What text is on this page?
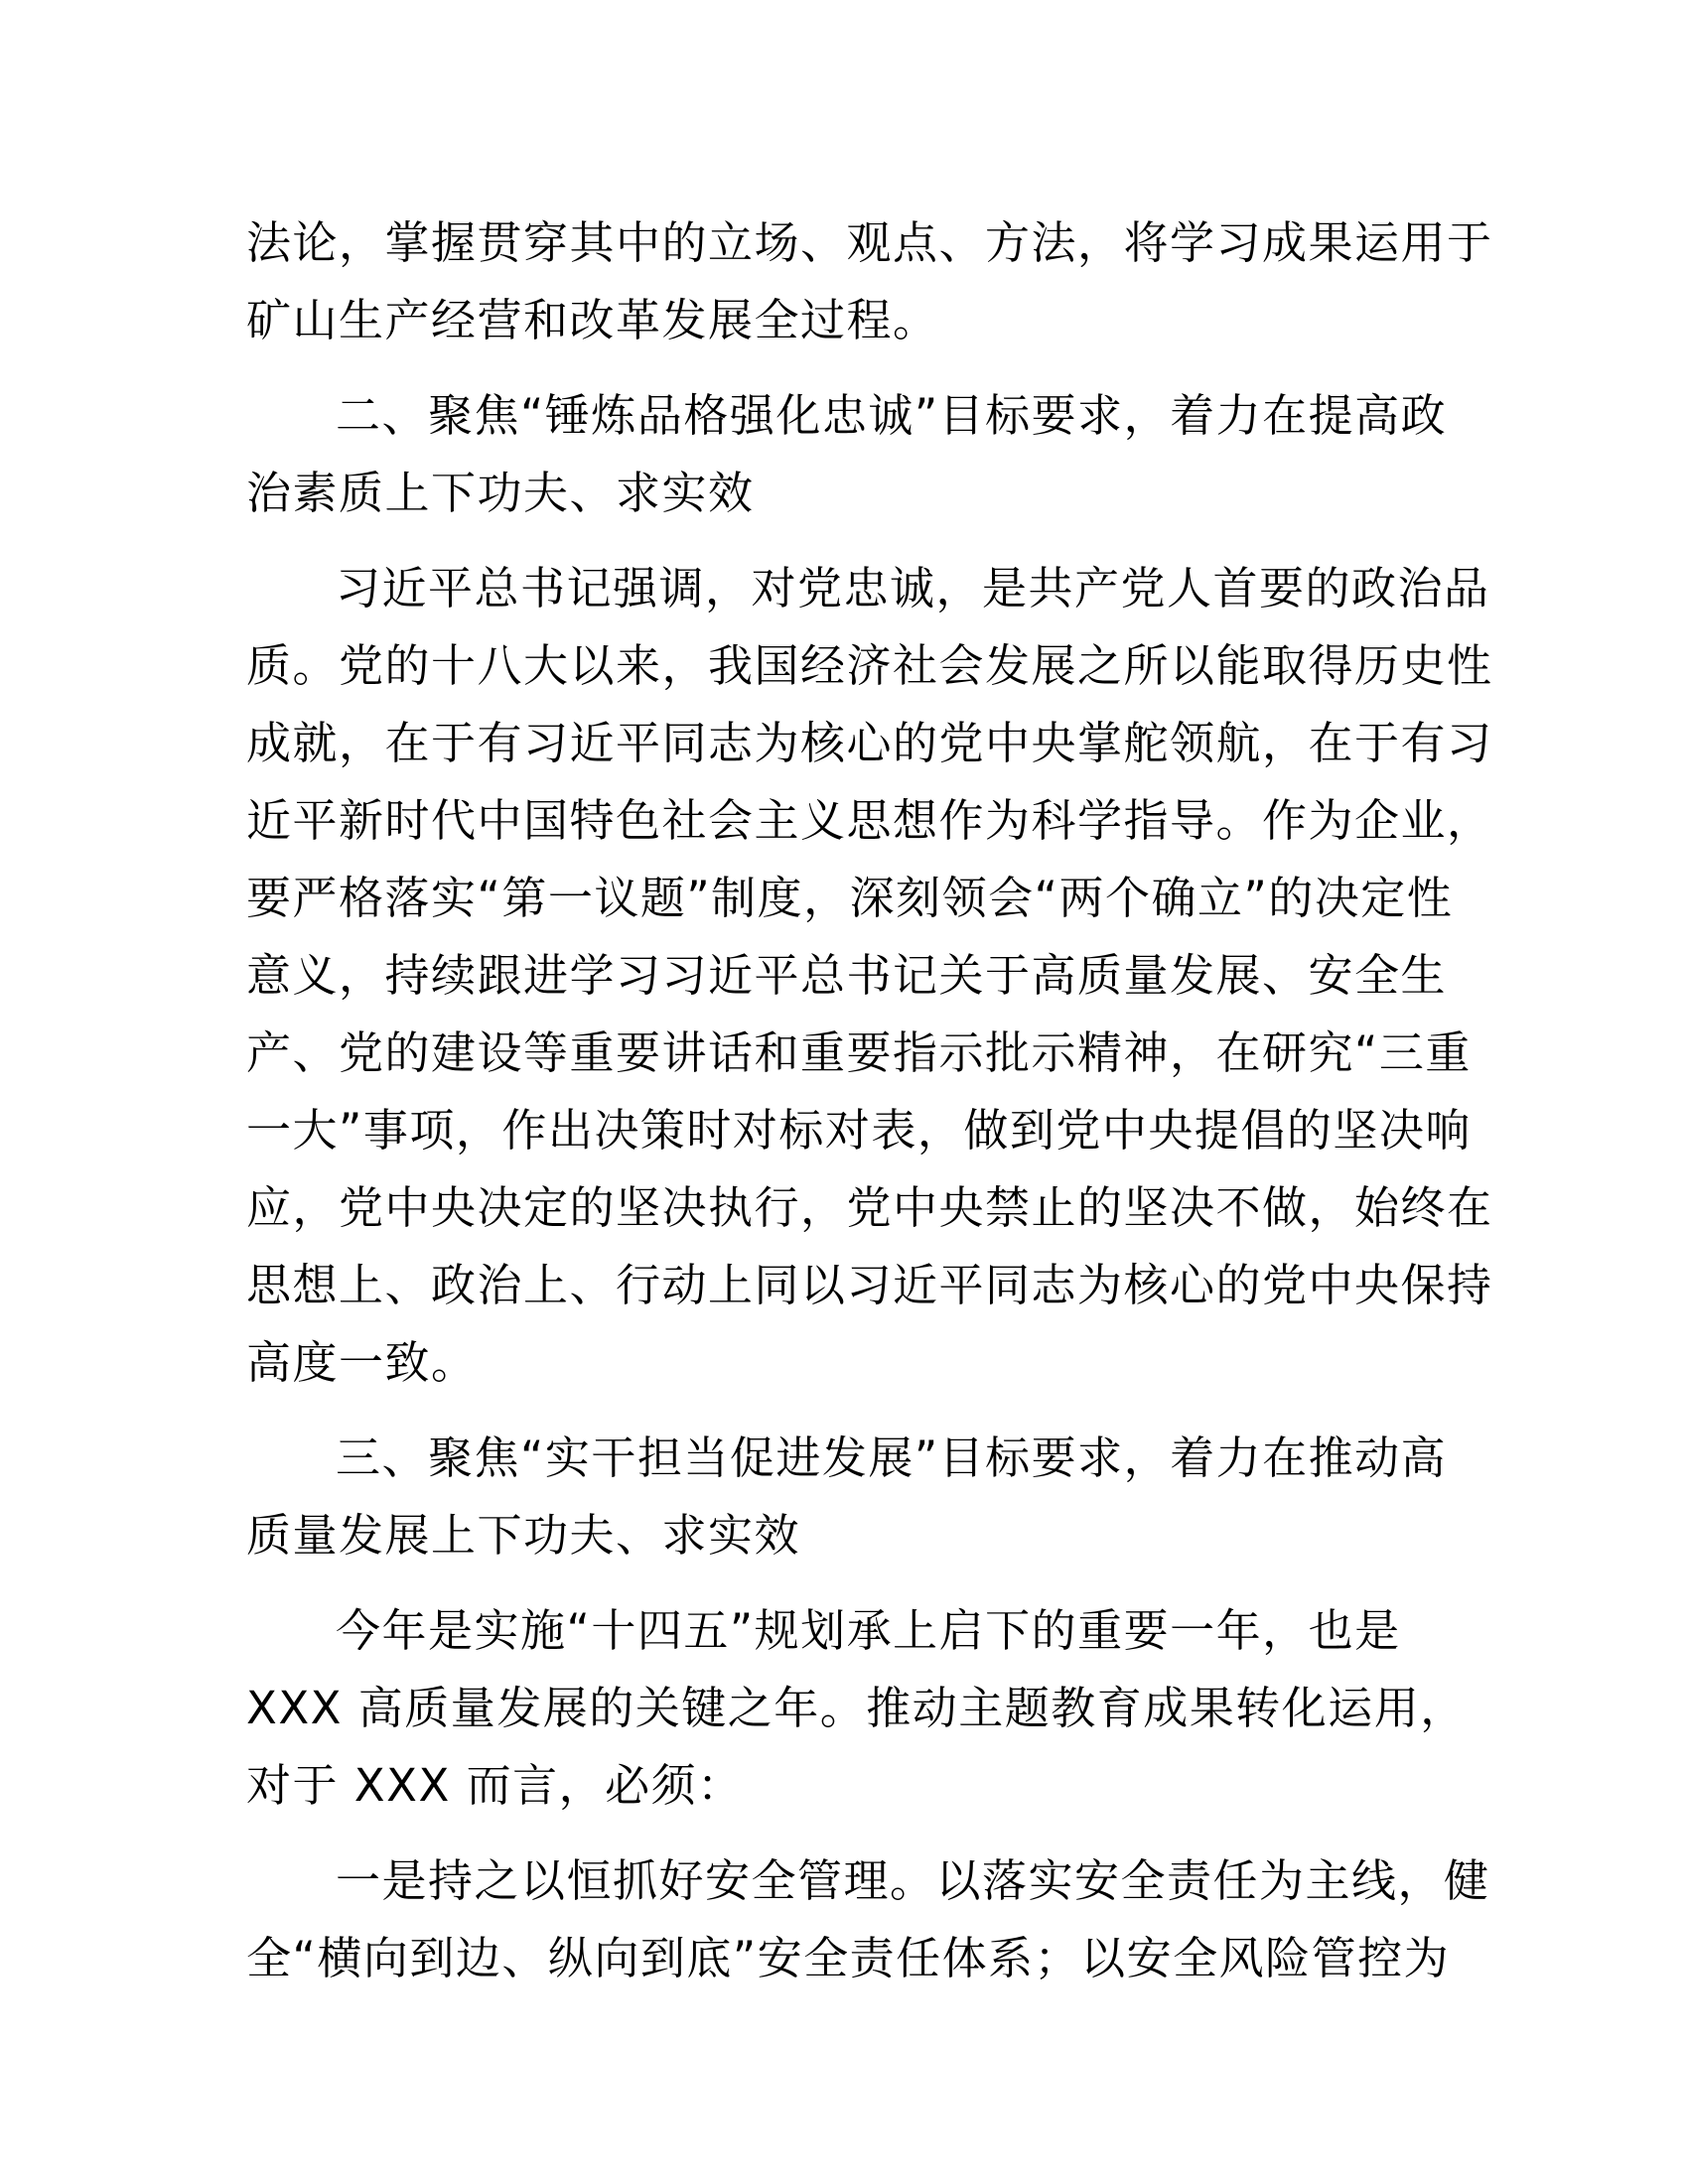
法论，掌握贯穿其中的立场、观点、方法，将学习成果运用于
矿山生产经营和改革发展全过程。
二、聚焦“锤炼品格强化忠诚”目标要求，着力在提高政
治素质上下功夫、求实效
习近平总书记强调，对党忠诚，是共产党人首要的政治品
质。党的十八大以来，我国经济社会发展之所以能取得历史性
成就，在于有习近平同志为核心的党中央掌舵领航，在于有习
近平新时代中国特色社会主义思想作为科学指导。作为企业，
要严格落实“第一议题”制度，深刻领会“两个确立”的决定性
意义，持续跟进学习习近平总书记关于高质量发展、安全生
产、党的建设等重要讲话和重要指示批示精神，在研究“三重
一大”事项，作出决策时对标对表，做到党中央提倡的坚决响
应，党中央决定的坚决执行，党中央禁止的坚决不做，始终在
思想上、政治上、行动上同以习近平同志为核心的党中央保持
高度一致。
三、聚焦“实干担当促进发展”目标要求，着力在推动高
质量发展上下功夫、求实效
今年是实施“十四五”规划承上启下的重要一年，也是
XXX 高质量发展的关键之年。推动主题教育成果转化运用，
对于 XXX 而言，必须：
一是持之以恒抓好安全管理。以落实安全责任为主线，健
全“横向到边、纵向到底”安全责任体系；以安全风险管控为
